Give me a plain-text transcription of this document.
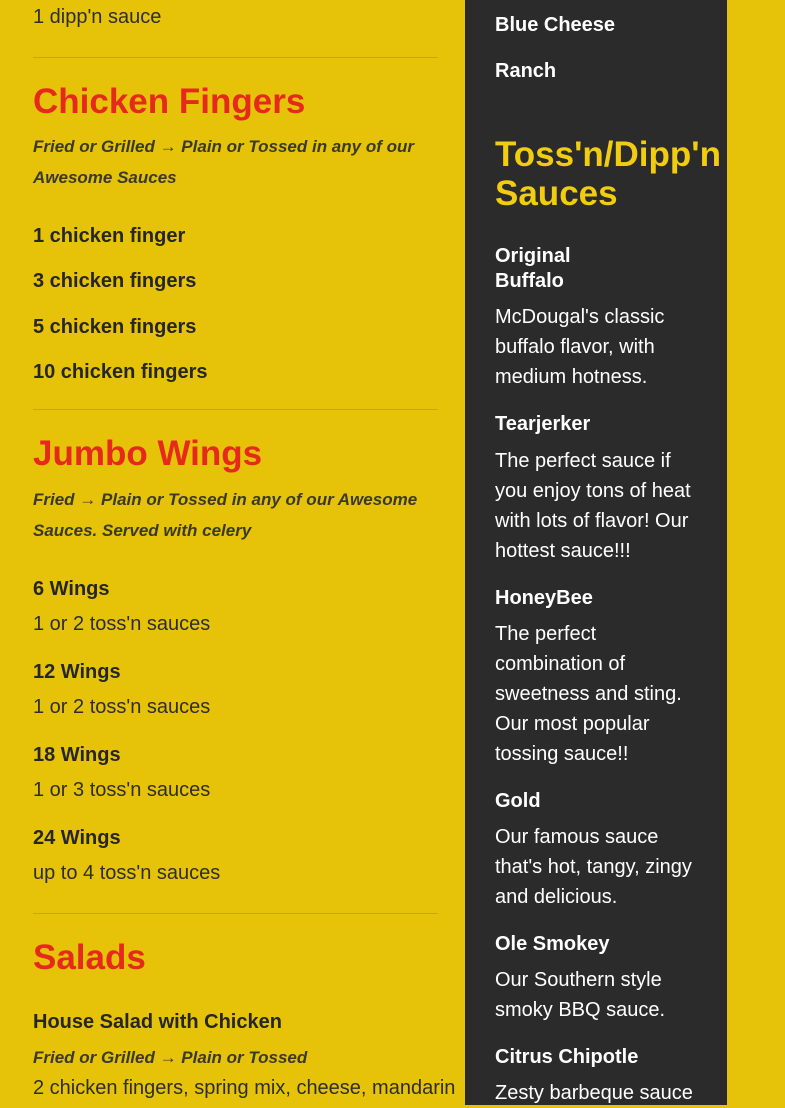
1 dipp'n sauce
Chicken Fingers
Fried or Grilled → Plain or Tossed in any of our Awesome Sauces
1 chicken finger
3 chicken fingers
5 chicken fingers
10 chicken fingers
Jumbo Wings
Fried → Plain or Tossed in any of our Awesome Sauces. Served with celery
6 Wings
1 or 2 toss'n sauces
12 Wings
1 or 2 toss'n sauces
18 Wings
1 or 3 toss'n sauces
24 Wings
up to 4 toss'n sauces
Salads
House Salad with Chicken
Fried or Grilled → Plain or Tossed
2 chicken fingers, spring mix, cheese, mandarin
Blue Cheese
Ranch
Toss'n/Dipp'n Sauces
Original Buffalo
McDougal's classic buffalo flavor, with medium hotness.
Tearjerker
The perfect sauce if you enjoy tons of heat with lots of flavor! Our hottest sauce!!!
HoneyBee
The perfect combination of sweetness and sting. Our most popular tossing sauce!!
Gold
Our famous sauce that's hot, tangy, zingy and delicious.
Ole Smokey
Our Southern style smoky BBQ sauce.
Citrus Chipotle
Zesty barbeque sauce
